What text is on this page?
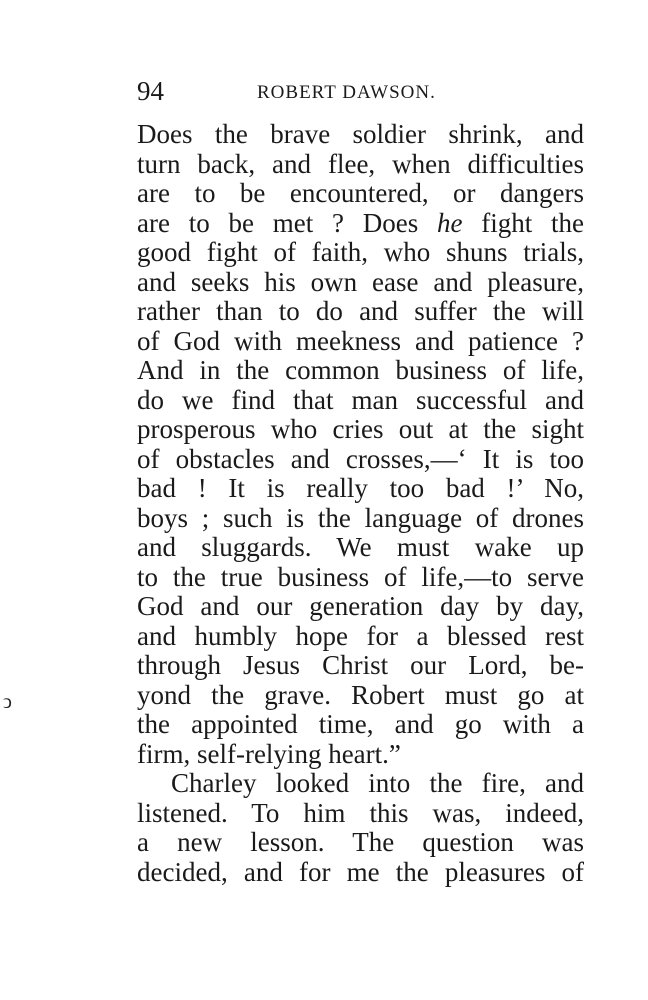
94	ROBERT DAWSON.
Does the brave soldier shrink, and
turn back, and flee, when difficulties
are to be encountered, or dangers
are to be met ? Does he fight the
good fight of faith, who shuns trials,
and seeks his own ease and pleasure,
rather than to do and suffer the will
of God with meekness and patience ?
And in the common business of life,
do we find that man successful and
prosperous who cries out at the sight
of obstacles and crosses,—‘ It is too
bad ! It is really too bad !’ No,
boys ; such is the language of drones
and sluggards. We must wake up
to the true business of life,—to serve
God and our generation day by day,
and humbly hope for a blessed rest
through Jesus Christ our Lord, be-
yond the grave. Robert must go at
the appointed time, and go with a
firm, self-relying heart.”
Charley looked into the fire, and
listened. To him this was, indeed,
a new lesson. The question was
decided, and for me the pleasures of
ↄ
